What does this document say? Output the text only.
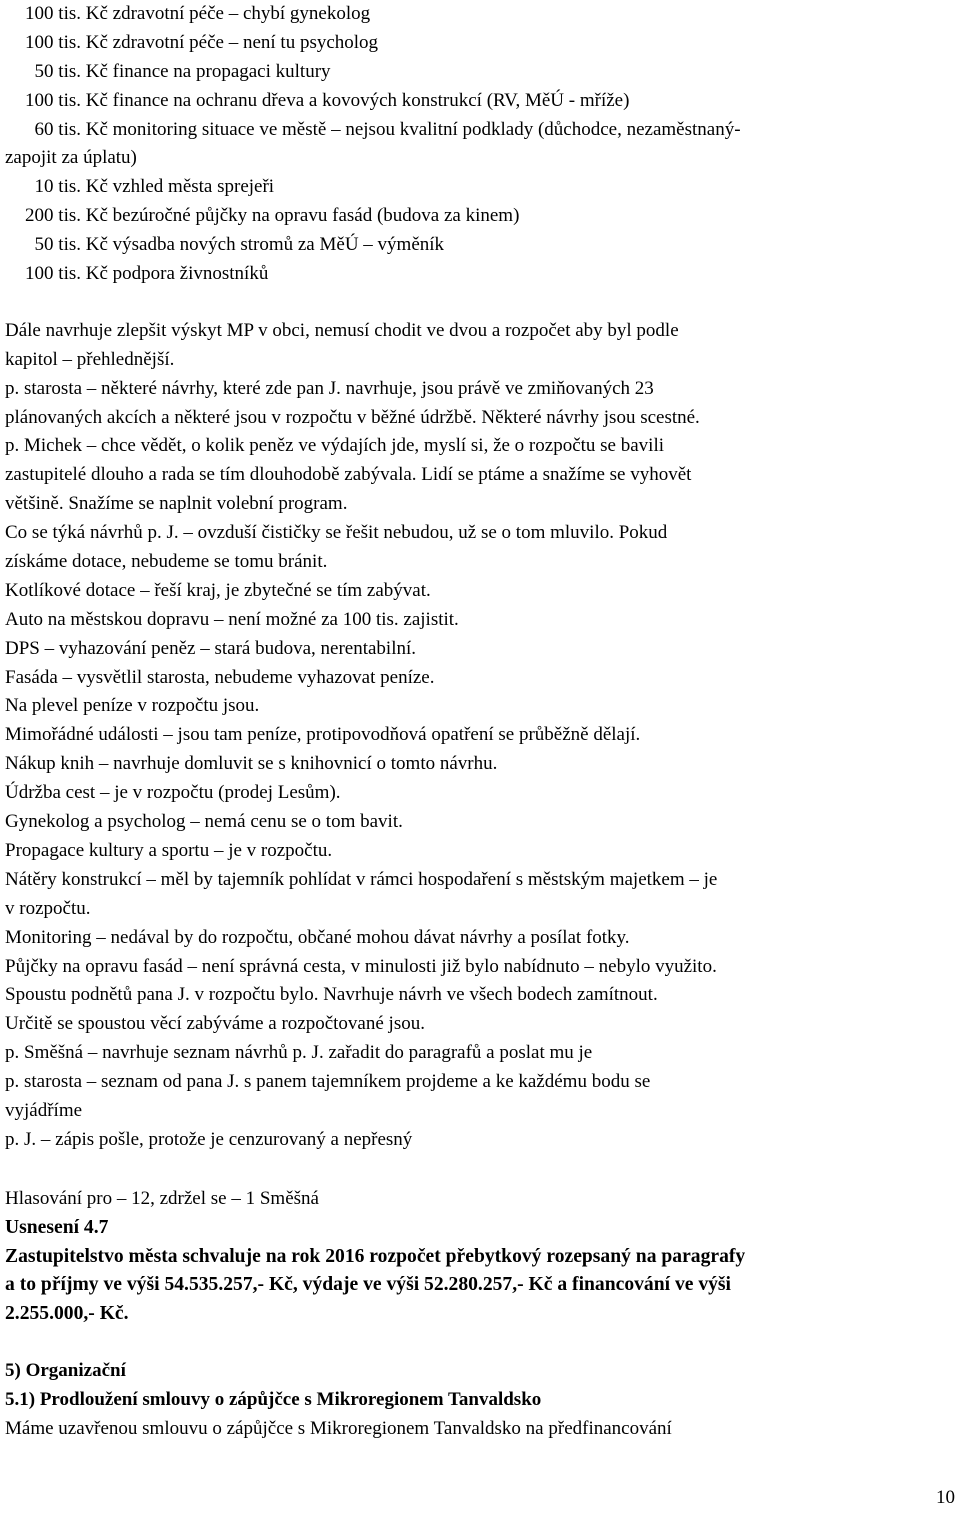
100 tis. Kč zdravotní péče – chybí gynekolog
100 tis. Kč zdravotní péče – není tu psycholog
50 tis. Kč finance na propagaci kultury
100 tis. Kč finance na ochranu dřeva a kovových konstrukcí (RV, MěÚ - mříže)
60 tis. Kč monitoring situace ve městě – nejsou kvalitní podklady (důchodce, nezaměstnaný-
zapojit za úplatu)
10 tis. Kč vzhled města sprejeři
200 tis. Kč bezúročné půjčky na opravu fasád (budova za kinem)
50 tis. Kč výsadba nových stromů za MěÚ – výměník
100 tis. Kč podpora živnostníků
Dále navrhuje zlepšit výskyt MP v obci, nemusí chodit ve dvou a rozpočet aby byl podle
kapitol – přehlednější.
p. starosta – některé návrhy, které zde pan J. navrhuje, jsou právě ve zmiňovaných 23
plánovaných akcích a některé jsou v rozpočtu v běžné údržbě. Některé návrhy jsou scestné.
p. Michek – chce vědět, o kolik peněz ve výdajích jde, myslí si, že o rozpočtu se bavili
zastupitelé dlouho a rada se tím dlouhodobě zabývala. Lidí se ptáme a snažíme se vyhovět
většině. Snažíme se naplnit volební program.
Co se týká návrhů p. J. – ovzduší čističky se řešit nebudou, už se o tom mluvilo. Pokud
získáme dotace, nebudeme se tomu bránit.
Kotlíkové dotace – řeší kraj, je zbytečné se tím zabývat.
Auto na městskou dopravu – není možné za 100 tis. zajistit.
DPS – vyhazování peněz – stará budova, nerentabilní.
Fasáda – vysvětlil starosta, nebudeme vyhazovat peníze.
Na plevel peníze v rozpočtu jsou.
Mimořádné události – jsou tam peníze, protipovodňová opatření se průběžně dělají.
Nákup knih – navrhuje domluvit se s knihovnicí o tomto návrhu.
Údržba cest – je v rozpočtu (prodej Lesům).
Gynekolog a psycholog – nemá cenu se o tom bavit.
Propagace kultury a sportu – je v rozpočtu.
Nátěry konstrukcí – měl by tajemník pohlídat v rámci hospodaření s městským majetkem – je
v rozpočtu.
Monitoring – nedával by do rozpočtu, občané mohou dávat návrhy a posílat fotky.
Půjčky na opravu fasád – není správná cesta, v minulosti již bylo nabídnuto – nebylo využito.
Spoustu podnětů pana J. v rozpočtu bylo. Navrhuje návrh ve všech bodech zamítnout.
Určitě se spoustou věcí zabýváme a rozpočtované jsou.
p. Směšná – navrhuje seznam návrhů p. J. zařadit do paragrafů a poslat mu je
p. starosta – seznam od pana J. s panem tajemníkem projdeme a ke každému bodu se
vyjádříme
p. J. – zápis pošle, protože je cenzurovaný a nepřesný
Hlasování pro – 12, zdržel se – 1 Směšná
Usnesení 4.7
Zastupitelstvo města schvaluje na rok 2016 rozpočet přebytkový rozepsaný na paragrafy
a to příjmy ve výši 54.535.257,- Kč, výdaje ve výši 52.280.257,- Kč a financování ve výši
2.255.000,- Kč.
5) Organizační
5.1) Prodloužení smlouvy o zápůjčce s Mikroregionem Tanvaldsko
Máme uzavřenou smlouvu o zápůjčce s Mikroregionem Tanvaldsko na předfinancování
10
